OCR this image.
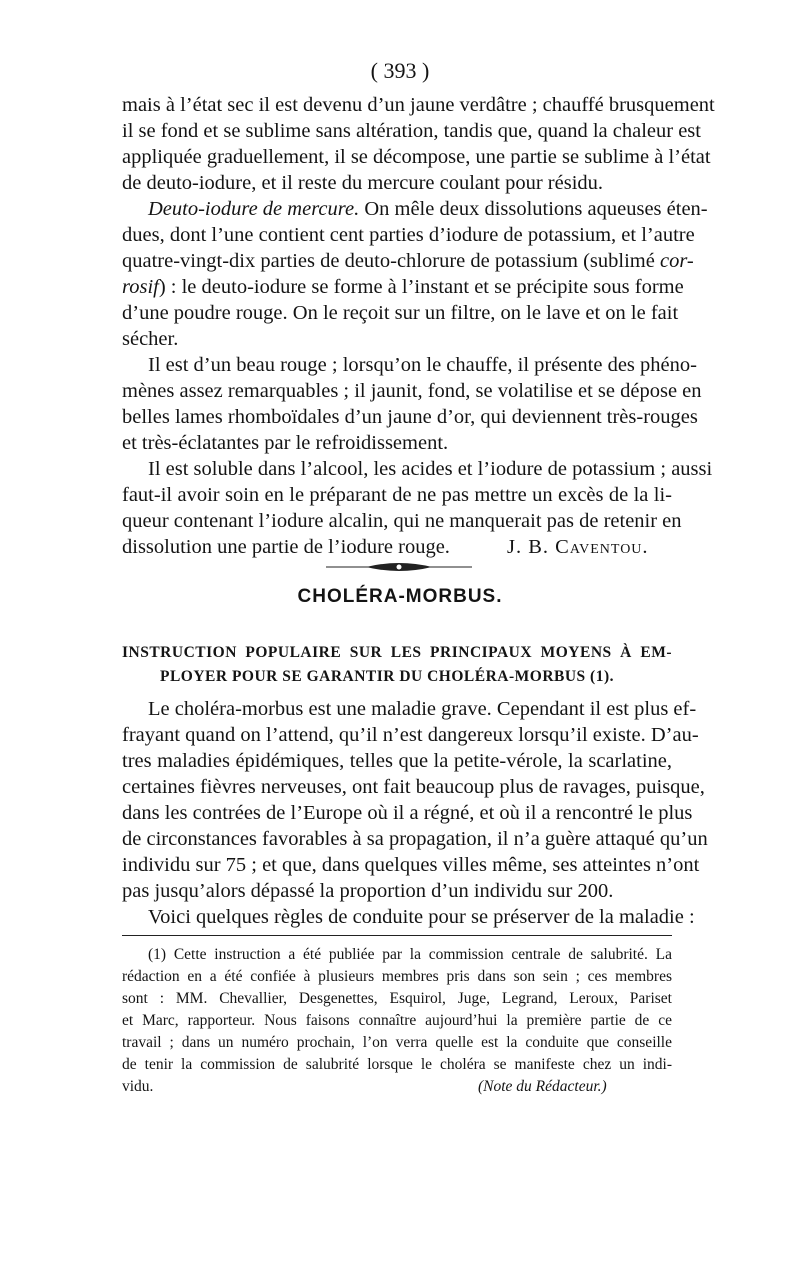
( 393 )
mais à l’état sec il est devenu d’un jaune verdâtre ; chauffé brusquement
il se fond et se sublime sans altération, tandis que, quand la chaleur est
appliquée graduellement, il se décompose, une partie se sublime à l’état
de deuto-iodure, et il reste du mercure coulant pour résidu.
Deuto-iodure de mercure. On mêle deux dissolutions aqueuses éten-
dues, dont l’une contient cent parties d’iodure de potassium, et l’autre
quatre-vingt-dix parties de deuto-chlorure de potassium (sublimé cor-
rosif) : le deuto-iodure se forme à l’instant et se précipite sous forme
d’une poudre rouge. On le reçoit sur un filtre, on le lave et on le fait
sécher.
Il est d’un beau rouge ; lorsqu’on le chauffe, il présente des phéno-
mènes assez remarquables ; il jaunit, fond, se volatilise et se dépose en
belles lames rhomboïdales d’un jaune d’or, qui deviennent très-rouges
et très-éclatantes par le refroidissement.
Il est soluble dans l’alcool, les acides et l’iodure de potassium ; aussi
faut-il avoir soin en le préparant de ne pas mettre un excès de la li-
queur contenant l’iodure alcalin, qui ne manquerait pas de retenir en
dissolution une partie de l’iodure rouge.	J. B. Caventou.
CHOLÉRA-MORBUS.
INSTRUCTION POPULAIRE SUR LES PRINCIPAUX MOYENS À EM-
PLOYER POUR SE GARANTIR DU CHOLÉRA-MORBUS (1).
Le choléra-morbus est une maladie grave. Cependant il est plus ef-
frayant quand on l’attend, qu’il n’est dangereux lorsqu’il existe. D’au-
tres maladies épidémiques, telles que la petite-vérole, la scarlatine,
certaines fièvres nerveuses, ont fait beaucoup plus de ravages, puisque,
dans les contrées de l’Europe où il a régné, et où il a rencontré le plus
de circonstances favorables à sa propagation, il n’a guère attaqué qu’un
individu sur 75 ; et que, dans quelques villes même, ses atteintes n’ont
pas jusqu’alors dépassé la proportion d’un individu sur 200.
Voici quelques règles de conduite pour se préserver de la maladie :
(1) Cette instruction a été publiée par la commission centrale de salubrité. La
rédaction en a été confiée à plusieurs membres pris dans son sein ; ces membres
sont : MM. Chevallier, Desgenettes, Esquirol, Juge, Legrand, Leroux, Pariset
et Marc, rapporteur. Nous faisons connaître aujourd’hui la première partie de ce
travail ; dans un numéro prochain, l’on verra quelle est la conduite que conseille
de tenir la commission de salubrité lorsque le choléra se manifeste chez un indi-
vidu.	(Note du Rédacteur.)
